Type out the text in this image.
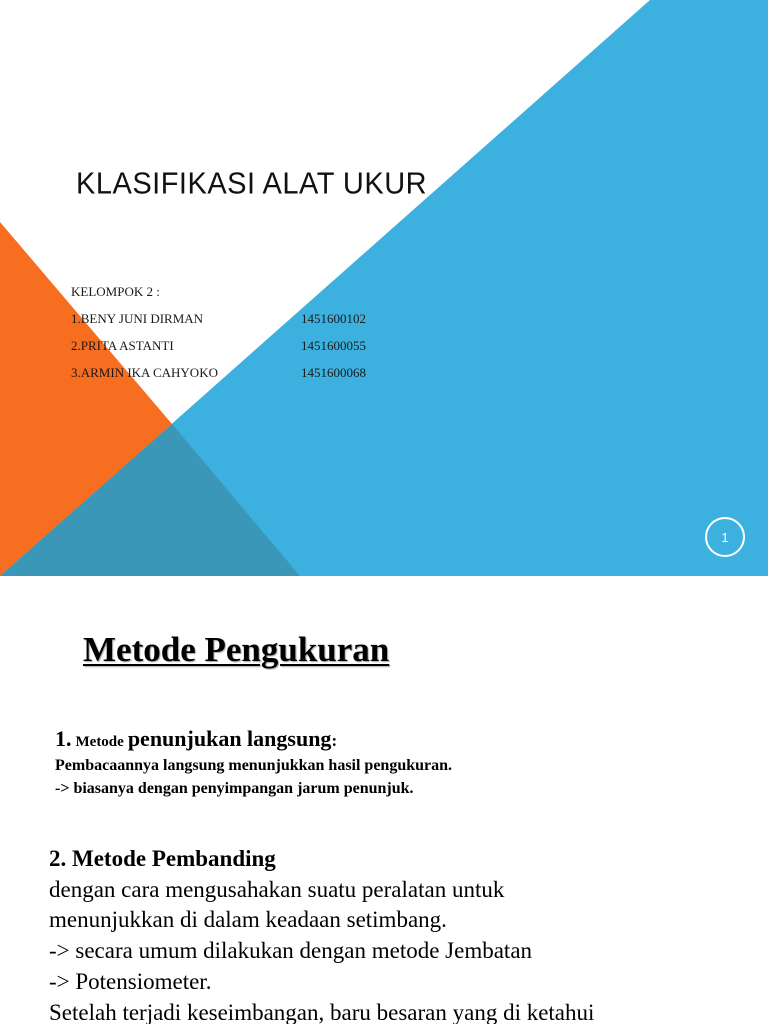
KLASIFIKASI ALAT UKUR
KELOMPOK 2 :
1.BENY JUNI DIRMAN	1451600102
2.PRITA ASTANTI	1451600055
3.ARMIN IKA CAHYOKO	1451600068
1
Metode Pengukuran
1. Metode penunjukan langsung:
Pembacaannya langsung menunjukkan hasil pengukuran.
-> biasanya dengan penyimpangan jarum penunjuk.
2. Metode Pembanding
dengan cara mengusahakan suatu peralatan untuk
menunjukkan di dalam keadaan setimbang.
-> secara umum dilakukan dengan metode Jembatan
-> Potensiometer.
Setelah terjadi keseimbangan, baru besaran yang di ketahui
